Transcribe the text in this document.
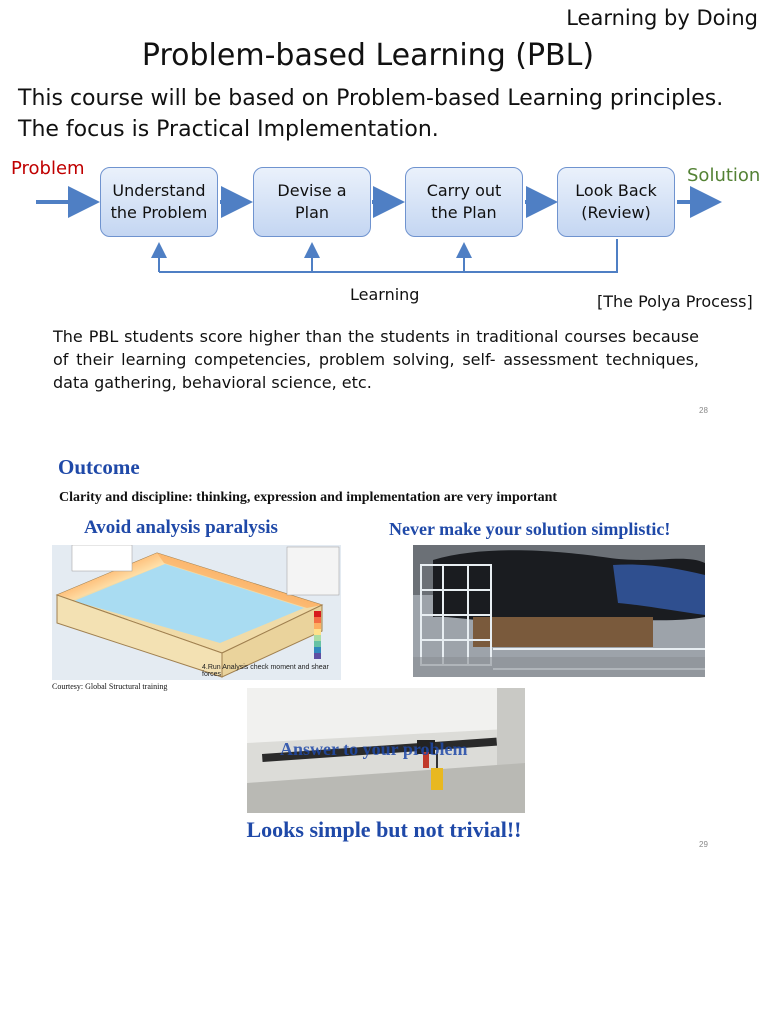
Learning by Doing
Problem-based Learning (PBL)
This course will be based on Problem-based Learning principles.
The focus is Practical Implementation.
Problem	Solution
Understand
the Problem
Devise a
Plan
Carry out
the Plan
Look Back
(Review)
Learning	[The Polya Process]
The PBL students score higher than the students in traditional courses because of their learning competencies, problem solving, self- assessment techniques, data gathering, behavioral science, etc.
28
Outcome
Clarity and discipline: thinking, expression and implementation are very important
Avoid analysis paralysis	Never make your solution simplistic!
4.Run Analysis check moment and shear forces
Courtesy: Global Structural training
Answer to your problem
Looks simple but not trivial!!
29
